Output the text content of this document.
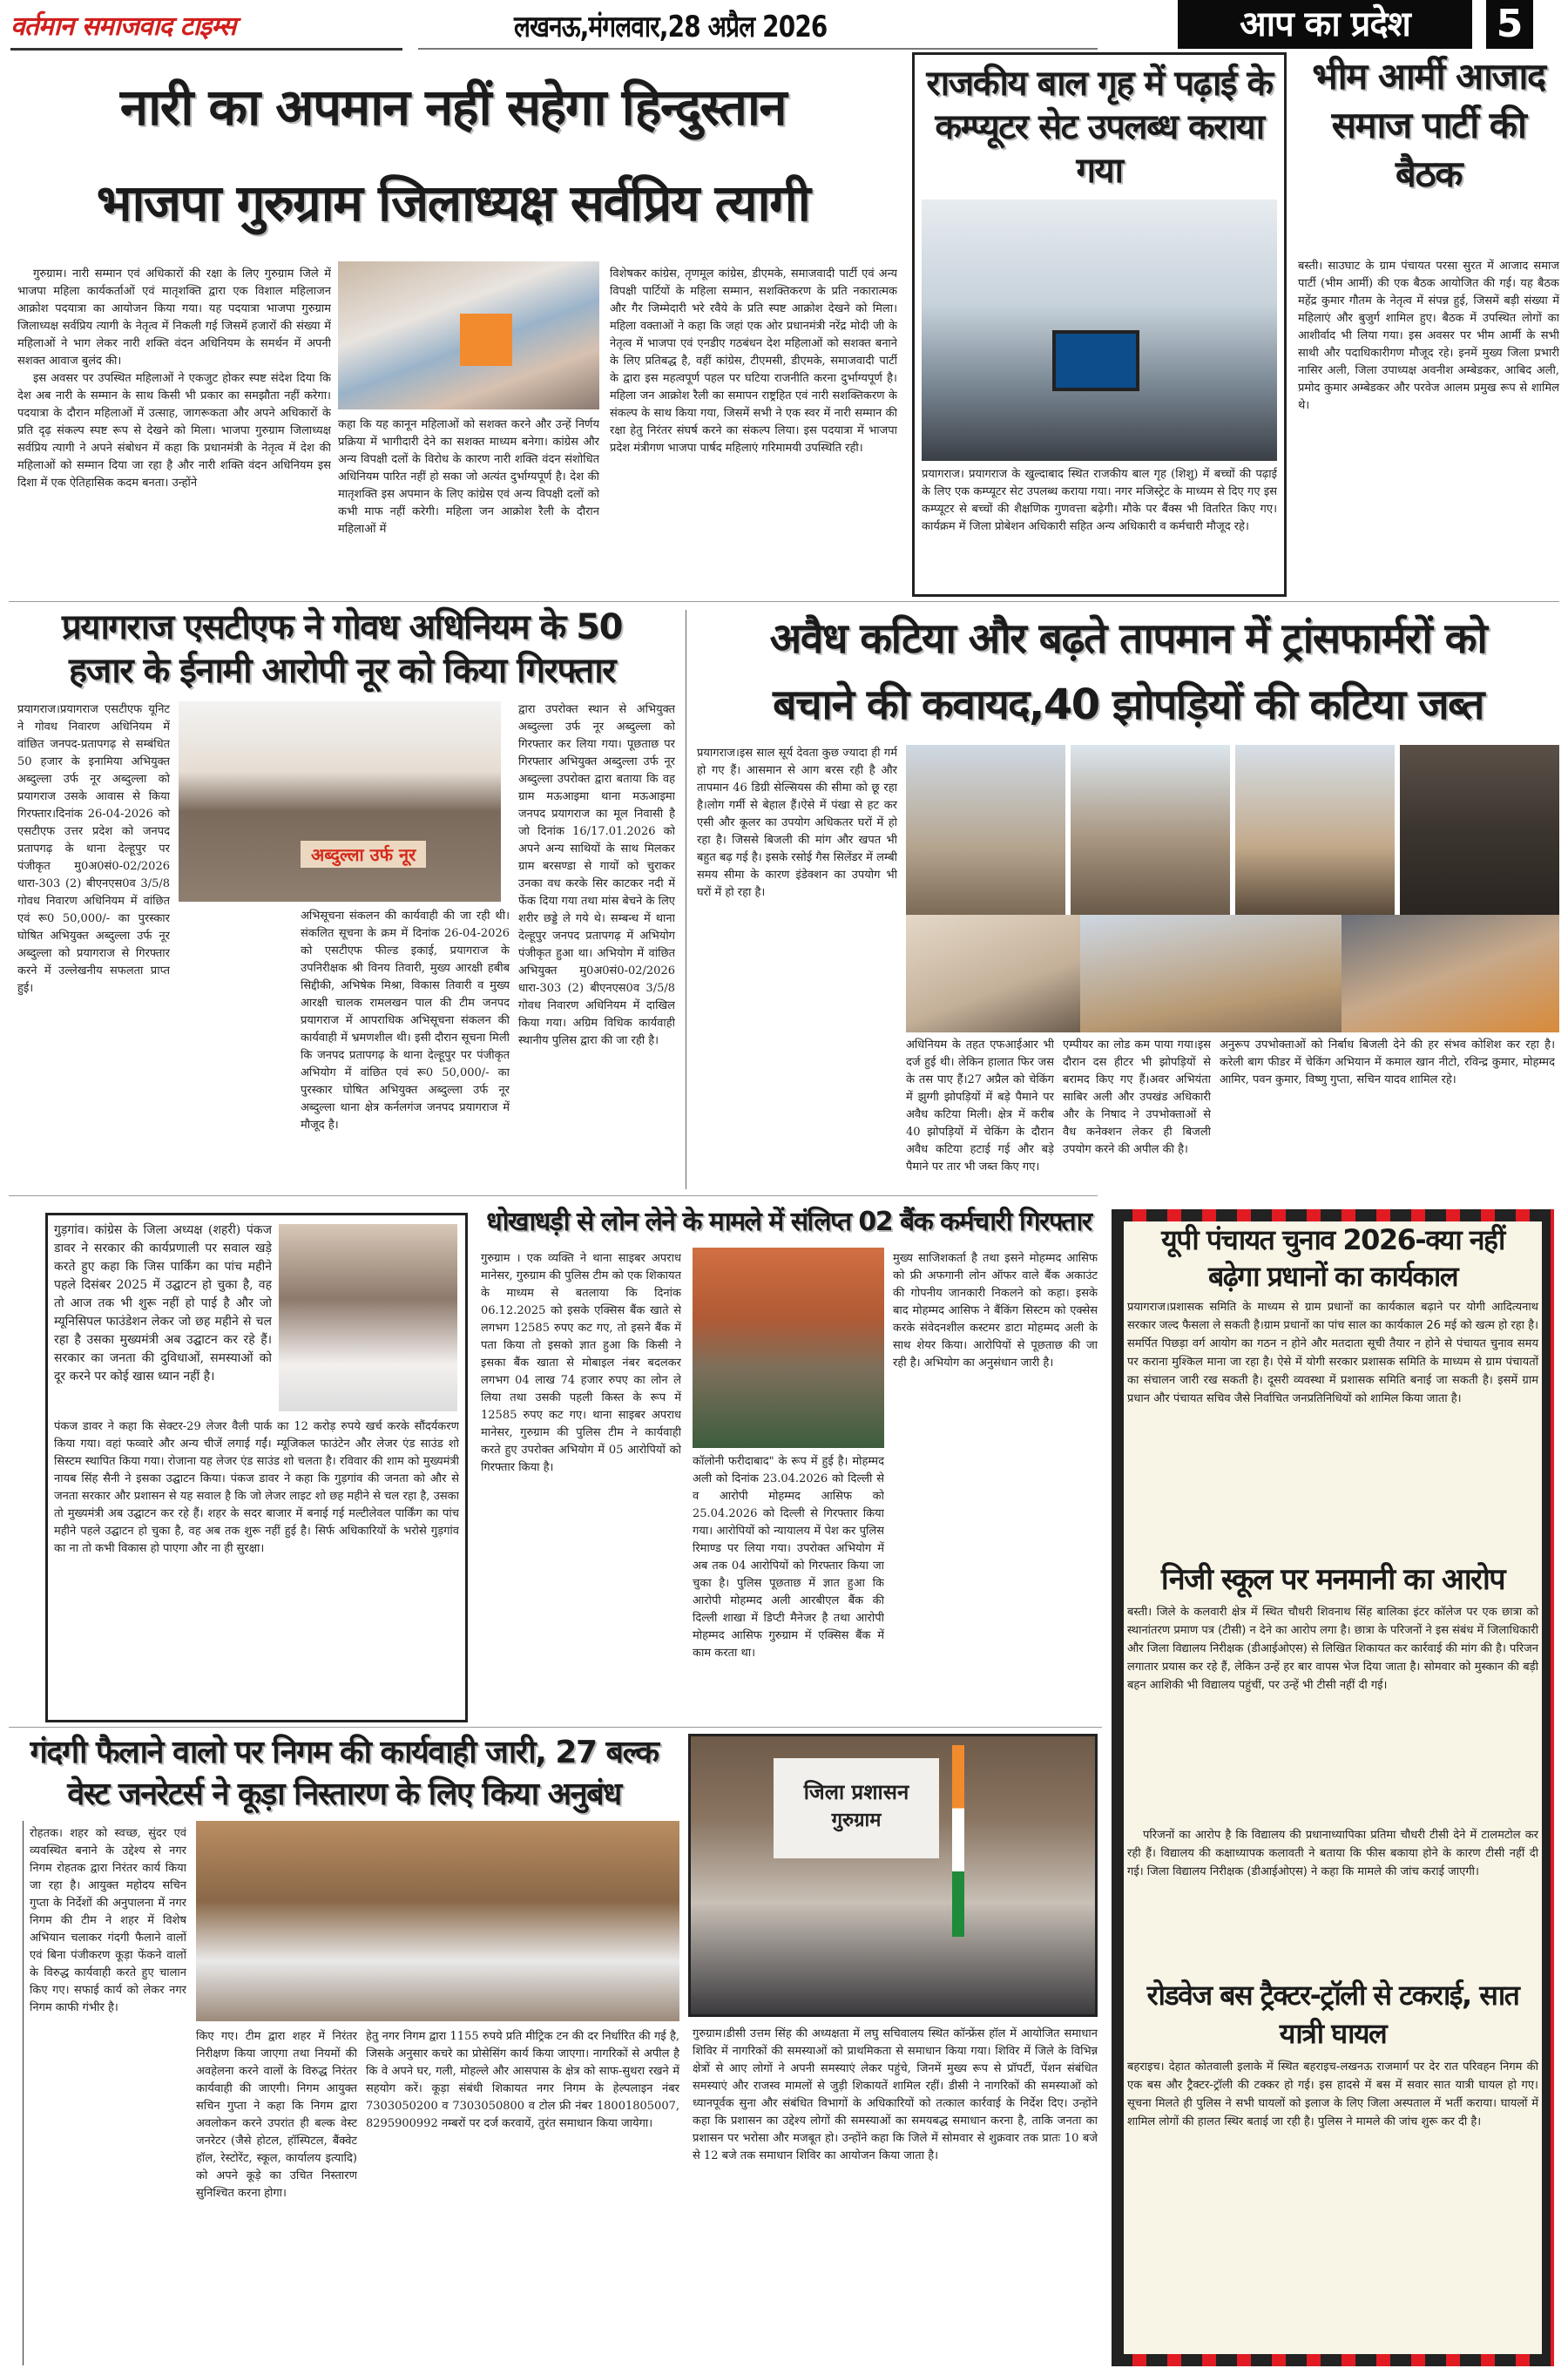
वर्तमान समाजवाद टाइम्स	लखनऊ,मंगलवार,28 अप्रैल 2026	आप का प्रदेश	5
नारी का अपमान नहीं सहेगा हिन्दुस्तान
भाजपा गुरुग्राम जिलाध्यक्ष सर्वप्रिय त्यागी

गुरुग्राम। नारी सम्मान एवं अधिकारों की रक्षा के लिए गुरुग्राम जिले में भाजपा महिला कार्यकर्ताओं एवं मातृशक्ति द्वारा एक विशाल महिलाजन आक्रोश पदयात्रा का आयोजन किया गया। यह पदयात्रा भाजपा गुरुग्राम जिलाध्यक्ष सर्वप्रिय त्यागी के नेतृत्व में निकली गई जिसमें हजारों की संख्या में महिलाओं ने भाग लेकर नारी शक्ति वंदन अधिनियम के समर्थन में अपनी सशक्त आवाज बुलंद की।

इस अवसर पर उपस्थित महिलाओं ने एकजुट होकर स्पष्ट संदेश दिया कि देश अब नारी के सम्मान के साथ किसी भी प्रकार का समझौता नहीं करेगा। पदयात्रा के दौरान महिलाओं में उत्साह, जागरूकता और अपने अधिकारों के प्रति दृढ़ संकल्प स्पष्ट रूप से देखने को मिला। भाजपा गुरुग्राम जिलाध्यक्ष सर्वप्रिय त्यागी ने अपने संबोधन में कहा कि प्रधानमंत्री के नेतृत्व में देश की महिलाओं को सम्मान दिया जा रहा है और नारी शक्ति वंदन अधिनियम इस दिशा में एक ऐतिहासिक कदम बनता। उन्होंने

कहा कि यह कानून महिलाओं को सशक्त करने और उन्हें निर्णय प्रक्रिया में भागीदारी देने का सशक्त माध्यम बनेगा। कांग्रेस और अन्य विपक्षी दलों के विरोध के कारण नारी शक्ति वंदन संशोधित अधिनियम पारित नहीं हो सका जो अत्यंत दुर्भाग्यपूर्ण है। देश की मातृशक्ति इस अपमान के लिए कांग्रेस एवं अन्य विपक्षी दलों को कभी माफ नहीं करेगी। महिला जन आक्रोश रैली के दौरान महिलाओं में
विशेषकर कांग्रेस, तृणमूल कांग्रेस, डीएमके, समाजवादी पार्टी एवं अन्य विपक्षी पार्टियों के महिला सम्मान, सशक्तिकरण के प्रति नकारात्मक और गैर जिम्मेदारी भरे रवैये के प्रति स्पष्ट आक्रोश देखने को मिला। महिला वक्ताओं ने कहा कि जहां एक ओर प्रधानमंत्री नरेंद्र मोदी जी के नेतृत्व में भाजपा एवं एनडीए गठबंधन देश महिलाओं को सशक्त बनाने के लिए प्रतिबद्ध है, वहीं कांग्रेस, टीएमसी, डीएमके, समाजवादी पार्टी के द्वारा इस महत्वपूर्ण पहल पर घटिया राजनीति करना दुर्भाग्यपूर्ण है। महिला जन आक्रोश रैली का समापन राष्ट्रहित एवं नारी सशक्तिकरण के संकल्प के साथ किया गया, जिसमें सभी ने एक स्वर में नारी सम्मान की रक्षा हेतु निरंतर संघर्ष करने का संकल्प लिया। इस पदयात्रा में भाजपा प्रदेश मंत्रीगण भाजपा पार्षद महिलाएं गरिमामयी उपस्थिति रही।
राजकीय बाल गृह में पढ़ाई के कम्प्यूटर सेट उपलब्ध कराया गया
प्रयागराज। प्रयागराज के खुल्दाबाद स्थित राजकीय बाल गृह (शिशु) में बच्चों की पढ़ाई के लिए एक कम्प्यूटर सेट उपलब्ध कराया गया। नगर मजिस्ट्रेट के माध्यम से दिए गए इस कम्प्यूटर से बच्चों की शैक्षणिक गुणवत्ता बढ़ेगी। मौके पर बैंक्स भी वितरित किए गए। कार्यक्रम में जिला प्रोबेशन अधिकारी सहित अन्य अधिकारी व कर्मचारी मौजूद रहे।
भीम आर्मी आजाद समाज पार्टी की बैठक
बस्ती। साउघाट के ग्राम पंचायत परसा सुरत में आजाद समाज पार्टी (भीम आर्मी) की एक बैठक आयोजित की गई। यह बैठक महेंद्र कुमार गौतम के नेतृत्व में संपन्न हुई, जिसमें बड़ी संख्या में महिलाएं और बुजुर्ग शामिल हुए। बैठक में उपस्थित लोगों का आशीर्वाद भी लिया गया। इस अवसर पर भीम आर्मी के सभी साथी और पदाधिकारीगण मौजूद रहे। इनमें मुख्य जिला प्रभारी नासिर अली, जिला उपाध्यक्ष अवनीश अम्बेडकर, आबिद अली, प्रमोद कुमार अम्बेडकर और परवेज आलम प्रमुख रूप से शामिल थे।
प्रयागराज एसटीएफ ने गोवध अधिनियम के 50
हजार के ईनामी आरोपी नूर को किया गिरफ्तार
प्रयागराज।प्रयागराज एसटीएफ यूनिट ने गोवध निवारण अधिनियम में वांछित जनपद-प्रतापगढ़ से सम्बंधित 50 हजार के इनामिया अभियुक्त अब्दुल्ला उर्फ नूर अब्दुल्ला को प्रयागराज उसके आवास से किया गिरफ्तार।दिनांक 26-04-2026 को एसटीएफ उत्तर प्रदेश को जनपद प्रतापगढ़ के थाना देल्हूपुर पर पंजीकृत मु0अ0सं0-02/2026 धारा-303 (2) बीएनएस0व 3/5/8 गोवध निवारण अधिनियम में वांछित एवं रू0 50,000/- का पुरस्कार घोषित अभियुक्त अब्दुल्ला उर्फ नूर अब्दुल्ला को प्रयागराज से गिरफ्तार करने में उल्लेखनीय सफलता प्राप्त हुई।
अब्दुल्ला उर्फ नूर
अभिसूचना संकलन की कार्यवाही की जा रही थी।संकलित सूचना के क्रम में दिनांक 26-04-2026 को एसटीएफ फील्ड इकाई, प्रयागराज के उपनिरीक्षक श्री विनय तिवारी, मुख्य आरक्षी हबीब सिद्दीकी, अभिषेक मिश्रा, विकास तिवारी व मुख्य आरक्षी चालक रामलखन पाल की टीम जनपद प्रयागराज में आपराधिक अभिसूचना संकलन की कार्यवाही में भ्रमणशील थी। इसी दौरान सूचना मिली कि जनपद प्रतापगढ़ के थाना देल्हूपुर पर पंजीकृत अभियोग में वांछित एवं रू0 50,000/- का पुरस्कार घोषित अभियुक्त अब्दुल्ला उर्फ नूर अब्दुल्ला थाना क्षेत्र कर्नलगंज जनपद प्रयागराज में मौजूद है।
द्वारा उपरोक्त स्थान से अभियुक्त अब्दुल्ला उर्फ नूर अब्दुल्ला को गिरफ्तार कर लिया गया। पूछताछ पर गिरफ्तार अभियुक्त अब्दुल्ला उर्फ नूर अब्दुल्ला उपरोक्त द्वारा बताया कि वह ग्राम मऊआइमा थाना मऊआइमा जनपद प्रयागराज का मूल निवासी है जो दिनांक 16/17.01.2026 को अपने अन्य साथियों के साथ मिलकर ग्राम बरसण्डा से गायों को चुराकर उनका वध करके सिर काटकर नदी में फेंक दिया गया तथा मांस बेचने के लिए शरीर छड्डे ले गये थे। सम्बन्ध में थाना देल्हूपुर जनपद प्रतापगढ़ में अभियोग पंजीकृत हुआ था। अभियोग में वांछित अभियुक्त मु0अ0सं0-02/2026 धारा-303 (2) बीएनएस0व 3/5/8 गोवध निवारण अधिनियम में दाखिल किया गया। अग्रिम विधिक कार्यवाही स्थानीय पुलिस द्वारा की जा रही है।
अवैध कटिया और बढ़ते तापमान में ट्रांसफार्मरों को
बचाने की कवायद,40 झोपड़ियों की कटिया जब्त
प्रयागराज।इस साल सूर्य देवता कुछ ज्यादा ही गर्म हो गए हैं। आसमान से आग बरस रही है और तापमान 46 डिग्री सेल्सियस की सीमा को छू रहा है।लोग गर्मी से बेहाल हैं।ऐसे में पंखा से हट कर एसी और कूलर का उपयोग अधिकतर घरों में हो रहा है। जिससे बिजली की मांग और खपत भी बहुत बढ़ गई है। इसके रसोई गैस सिलेंडर में लम्बी समय सीमा के कारण इंडेक्शन का उपयोग भी घरों में हो रहा है।
अधिनियम के तहत एफआईआर भी दर्ज हुई थी। लेकिन हालात फिर जस के तस पाए हैं।27 अप्रैल को चेकिंग में झुग्गी झोपड़ियों में बड़े पैमाने पर अवैध कटिया मिली। क्षेत्र में करीब 40 झोपड़ियों में चेकिंग के दौरान अवैध कटिया हटाई गई और बड़े पैमाने पर तार भी जब्त किए गए।
एम्पीयर का लोड कम पाया गया।इस दौरान दस हीटर भी झोपड़ियों से बरामद किए गए हैं।अवर अभियंता साबिर अली और उपखंड अधिकारी और के निषाद ने उपभोक्ताओं से वैध कनेक्शन लेकर ही बिजली उपयोग करने की अपील की है।
अनुरूप उपभोक्ताओं को निर्बाध बिजली देने की हर संभव कोशिश कर रहा है। करेली बाग फीडर में चेकिंग अभियान में कमाल खान नीटो, रविन्द्र कुमार, मोहम्मद आमिर, पवन कुमार, विष्णु गुप्ता, सचिन यादव शामिल रहे।
गुड़गांव। कांग्रेस के जिला अध्यक्ष (शहरी) पंकज डावर ने सरकार की कार्यप्रणाली पर सवाल खड़े करते हुए कहा कि जिस पार्किंग का पांच महीने पहले दिसंबर 2025 में उद्घाटन हो चुका है, वह तो आज तक भी शुरू नहीं हो पाई है और जो म्यूनिसिपल फाउंडेशन लेकर जो छह महीने से चल रहा है उसका मुख्यमंत्री अब उद्घाटन कर रहे हैं। सरकार का जनता की दुविधाओं, समस्याओं को दूर करने पर कोई खास ध्यान नहीं है।
पंकज डावर ने कहा कि सेक्टर-29 लेजर वैली पार्क का 12 करोड़ रुपये खर्च करके सौंदर्यकरण किया गया। वहां फव्वारे और अन्य चीजें लगाई गईं। म्यूजिकल फाउंटेन और लेजर एंड साउंड शो सिस्टम स्थापित किया गया। रोजाना यह लेजर एंड साउंड शो चलता है। रविवार की शाम को मुख्यमंत्री नायब सिंह सैनी ने इसका उद्घाटन किया। पंकज डावर ने कहा कि गुड़गांव की जनता को और से जनता सरकार और प्रशासन से यह सवाल है कि जो लेजर लाइट शो छह महीने से चल रहा है, उसका तो मुख्यमंत्री अब उद्घाटन कर रहे हैं। शहर के सदर बाजार में बनाई गई मल्टीलेवल पार्किंग का पांच महीने पहले उद्घाटन हो चुका है, वह अब तक शुरू नहीं हुई है। सिर्फ अधिकारियों के भरोसे गुड़गांव का ना तो कभी विकास हो पाएगा और ना ही सुरक्षा।
धोखाधड़ी से लोन लेने के मामले में संलिप्त 02 बैंक कर्मचारी गिरफ्तार
गुरुग्राम । एक व्यक्ति ने थाना साइबर अपराध मानेसर, गुरुग्राम की पुलिस टीम को एक शिकायत के माध्यम से बतलाया कि दिनांक 06.12.2025 को इसके एक्सिस बैंक खाते से लगभग 12585 रुपए कट गए, तो इसने बैंक में पता किया तो इसको ज्ञात हुआ कि किसी ने इसका बैंक खाता से मोबाइल नंबर बदलकर लगभग 04 लाख 74 हजार रुपए का लोन ले लिया तथा उसकी पहली किस्त के रूप में 12585 रुपए कट गए। थाना साइबर अपराध मानेसर, गुरुग्राम की पुलिस टीम ने कार्यवाही करते हुए उपरोक्त अभियोग में 05 आरोपियों को गिरफ्तार किया है।	कॉलोनी फरीदाबाद" के रूप में हुई है। मोहम्मद अली को दिनांक 23.04.2026 को दिल्ली से व आरोपी मोहम्मद आसिफ को 25.04.2026 को दिल्ली से गिरफ्तार किया गया। आरोपियों को न्यायालय में पेश कर पुलिस रिमाण्ड पर लिया गया। उपरोक्त अभियोग में अब तक 04 आरोपियों को गिरफ्तार किया जा चुका है। पुलिस पूछताछ में ज्ञात हुआ कि आरोपी मोहम्मद अली आरबीएल बैंक की दिल्ली शाखा में डिप्टी मैनेजर है तथा आरोपी मोहम्मद आसिफ गुरुग्राम में एक्सिस बैंक में काम करता था।
मुख्य साजिशकर्ता है तथा इसने मोहम्मद आसिफ को फ्री अफगानी लोन ऑफर वाले बैंक अकाउंट की गोपनीय जानकारी निकलने को कहा। इसके बाद मोहम्मद आसिफ ने बैंकिंग सिस्टम को एक्सेस करके संवेदनशील कस्टमर डाटा मोहम्मद अली के साथ शेयर किया। आरोपियों से पूछताछ की जा रही है। अभियोग का अनुसंधान जारी है।
यूपी पंचायत चुनाव 2026-क्या नहीं
बढ़ेगा प्रधानों का कार्यकाल
प्रयागराज।प्रशासक समिति के माध्यम से ग्राम प्रधानों का कार्यकाल बढ़ाने पर योगी आदित्यनाथ सरकार जल्द फैसला ले सकती है।ग्राम प्रधानों का पांच साल का कार्यकाल 26 मई को खत्म हो रहा है।समर्पित पिछड़ा वर्ग आयोग का गठन न होने और मतदाता सूची तैयार न होने से पंचायत चुनाव समय पर कराना मुश्किल माना जा रहा है। ऐसे में योगी सरकार प्रशासक समिति के माध्यम से ग्राम पंचायतों का संचालन जारी रख सकती है। दूसरी व्यवस्था में प्रशासक समिति बनाई जा सकती है। इसमें ग्राम प्रधान और पंचायत सचिव जैसे निर्वाचित जनप्रतिनिधियों को शामिल किया जाता है।
निजी स्कूल पर मनमानी का आरोप
बस्ती। जिले के कलवारी क्षेत्र में स्थित चौधरी शिवनाथ सिंह बालिका इंटर कॉलेज पर एक छात्रा को स्थानांतरण प्रमाण पत्र (टीसी) न देने का आरोप लगा है। छात्रा के परिजनों ने इस संबंध में जिलाधिकारी और जिला विद्यालय निरीक्षक (डीआईओएस) से लिखित शिकायत कर कार्रवाई की मांग की है। परिजन लगातार प्रयास कर रहे हैं, लेकिन उन्हें हर बार वापस भेज दिया जाता है। सोमवार को मुस्कान की बड़ी बहन आशिकी भी विद्यालय पहुंचीं, पर उन्हें भी टीसी नहीं दी गई।
परिजनों का आरोप है कि विद्यालय की प्रधानाध्यापिका प्रतिमा चौधरी टीसी देने में टालमटोल कर रही हैं। विद्यालय की कक्षाध्यापक कलावती ने बताया कि फीस बकाया होने के कारण टीसी नहीं दी गई। जिला विद्यालय निरीक्षक (डीआईओएस) ने कहा कि मामले की जांच कराई जाएगी।
रोडवेज बस ट्रैक्टर-ट्रॉली से टकराई, सात यात्री घायल
बहराइच। देहात कोतवाली इलाके में स्थित बहराइच-लखनऊ राजमार्ग पर देर रात परिवहन निगम की एक बस और ट्रैक्टर-ट्रॉली की टक्कर हो गई। इस हादसे में बस में सवार सात यात्री घायल हो गए। सूचना मिलते ही पुलिस ने सभी घायलों को इलाज के लिए जिला अस्पताल में भर्ती कराया। घायलों में शामिल लोगों की हालत स्थिर बताई जा रही है। पुलिस ने मामले की जांच शुरू कर दी है।
गंदगी फैलाने वालो पर निगम की कार्यवाही जारी, 27 बल्क
वेस्ट जनरेटर्स ने कूड़ा निस्तारण के लिए किया अनुबंध
रोहतक। शहर को स्वच्छ, सुंदर एवं व्यवस्थित बनाने के उद्देश्य से नगर निगम रोहतक द्वारा निरंतर कार्य किया जा रहा है। आयुक्त महोदय सचिन गुप्ता के निर्देशों की अनुपालना में नगर निगम की टीम ने शहर में विशेष अभियान चलाकर गंदगी फैलाने वालों एवं बिना पंजीकरण कूड़ा फेंकने वालों के विरुद्ध कार्यवाही करते हुए चालान किए गए। सफाई कार्य को लेकर नगर निगम काफी गंभीर है।
किए गए। टीम द्वारा शहर में निरंतर निरीक्षण किया जाएगा तथा नियमों की अवहेलना करने वालों के विरुद्ध निरंतर कार्यवाही की जाएगी। निगम आयुक्त सचिन गुप्ता ने कहा कि निगम द्वारा अवलोकन करने उपरांत ही बल्क वेस्ट जनरेटर (जैसे होटल, हॉस्पिटल, बैंक्वेट हॉल, रेस्टोरेंट, स्कूल, कार्यालय इत्यादि) को अपने कूड़े का उचित निस्तारण सुनिश्चित करना होगा।
हेतु नगर निगम द्वारा 1155 रुपये प्रति मीट्रिक टन की दर निर्धारित की गई है, जिसके अनुसार कचरे का प्रोसेसिंग कार्य किया जाएगा। नागरिकों से अपील है कि वे अपने घर, गली, मोहल्ले और आसपास के क्षेत्र को साफ-सुथरा रखने में सहयोग करें। कूड़ा संबंधी शिकायत नगर निगम के हेल्पलाइन नंबर 7303050200 व 7303050800 व टोल फ्री नंबर 18001805007, 8295900992 नम्बरों पर दर्ज करवायें, तुरंत समाधान किया जायेगा।
जिला प्रशासन
गुरुग्राम
गुरुग्राम।डीसी उत्तम सिंह की अध्यक्षता में लघु सचिवालय स्थित कॉन्फ्रेंस हॉल में आयोजित समाधान शिविर में नागरिकों की समस्याओं को प्राथमिकता से समाधान किया गया। शिविर में जिले के विभिन्न क्षेत्रों से आए लोगों ने अपनी समस्याएं लेकर पहुंचे, जिनमें मुख्य रूप से प्रॉपर्टी, पेंशन संबंधित समस्याएं और राजस्व मामलों से जुड़ी शिकायतें शामिल रहीं। डीसी ने नागरिकों की समस्याओं को ध्यानपूर्वक सुना और संबंधित विभागों के अधिकारियों को तत्काल कार्रवाई के निर्देश दिए। उन्होंने कहा कि प्रशासन का उद्देश्य लोगों की समस्याओं का समयबद्ध समाधान करना है, ताकि जनता का प्रशासन पर भरोसा और मजबूत हो। उन्होंने कहा कि जिले में सोमवार से शुक्रवार तक प्रातः 10 बजे से 12 बजे तक समाधान शिविर का आयोजन किया जाता है।
